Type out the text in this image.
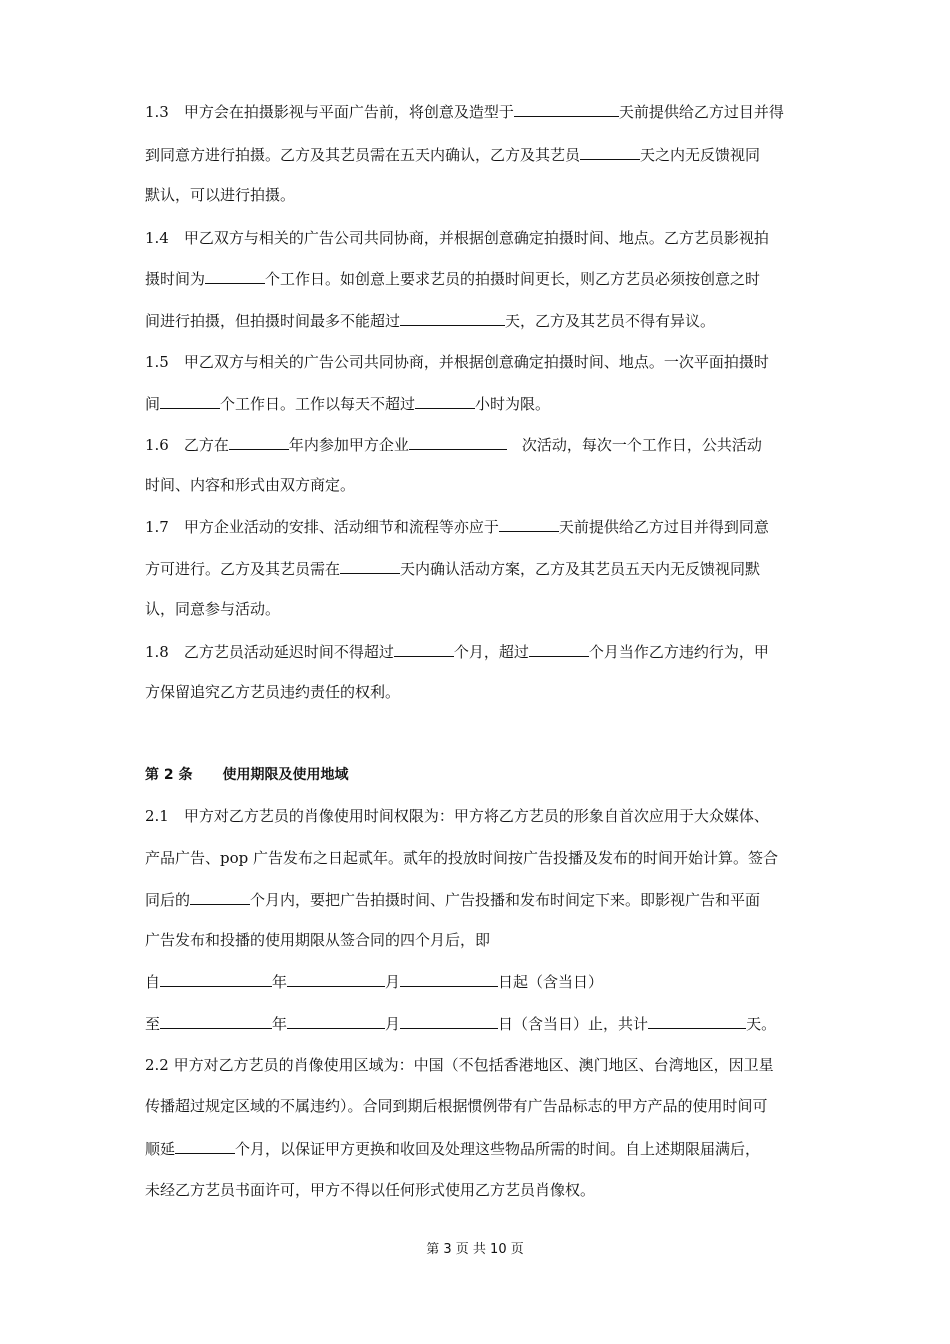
1.3　甲方会在拍摄影视与平面广告前，将创意及造型于	天前提供给乙方过目并得
到同意方进行拍摄。乙方及其艺员需在五天内确认，乙方及其艺员	天之内无反馈视同
默认，可以进行拍摄。
1.4　甲乙双方与相关的广告公司共同协商，并根据创意确定拍摄时间、地点。乙方艺员影视拍
摄时间为	个工作日。如创意上要求艺员的拍摄时间更长，则乙方艺员必须按创意之时
间进行拍摄，但拍摄时间最多不能超过	天，乙方及其艺员不得有异议。
1.5　甲乙双方与相关的广告公司共同协商，并根据创意确定拍摄时间、地点。一次平面拍摄时
间	个工作日。工作以每天不超过	小时为限。
1.6　乙方在	年内参加甲方企业	　次活动，每次一个工作日，公共活动
时间、内容和形式由双方商定。
1.7　甲方企业活动的安排、活动细节和流程等亦应于	天前提供给乙方过目并得到同意
方可进行。乙方及其艺员需在	天内确认活动方案，乙方及其艺员五天内无反馈视同默
认，同意参与活动。
1.8　乙方艺员活动延迟时间不得超过	个月，超过	个月当作乙方违约行为，甲
方保留追究乙方艺员违约责任的权利。
第 2 条 使用期限及使用地域
2.1　甲方对乙方艺员的肖像使用时间权限为：甲方将乙方艺员的形象自首次应用于大众媒体、
产品广告、pop 广告发布之日起贰年。贰年的投放时间按广告投播及发布的时间开始计算。签合
同后的	个月内，要把广告拍摄时间、广告投播和发布时间定下来。即影视广告和平面
广告发布和投播的使用期限从签合同的四个月后，即
自	年	月	日起（含当日）
至	年	月	日（含当日）止，共计	天。
2.2 甲方对乙方艺员的肖像使用区域为：中国（不包括香港地区、澳门地区、台湾地区，因卫星
传播超过规定区域的不属违约）。合同到期后根据惯例带有广告品标志的甲方产品的使用时间可
顺延	个月，以保证甲方更换和收回及处理这些物品所需的时间。自上述期限届满后，
未经乙方艺员书面许可，甲方不得以任何形式使用乙方艺员肖像权。
第 3 页 共 10 页
